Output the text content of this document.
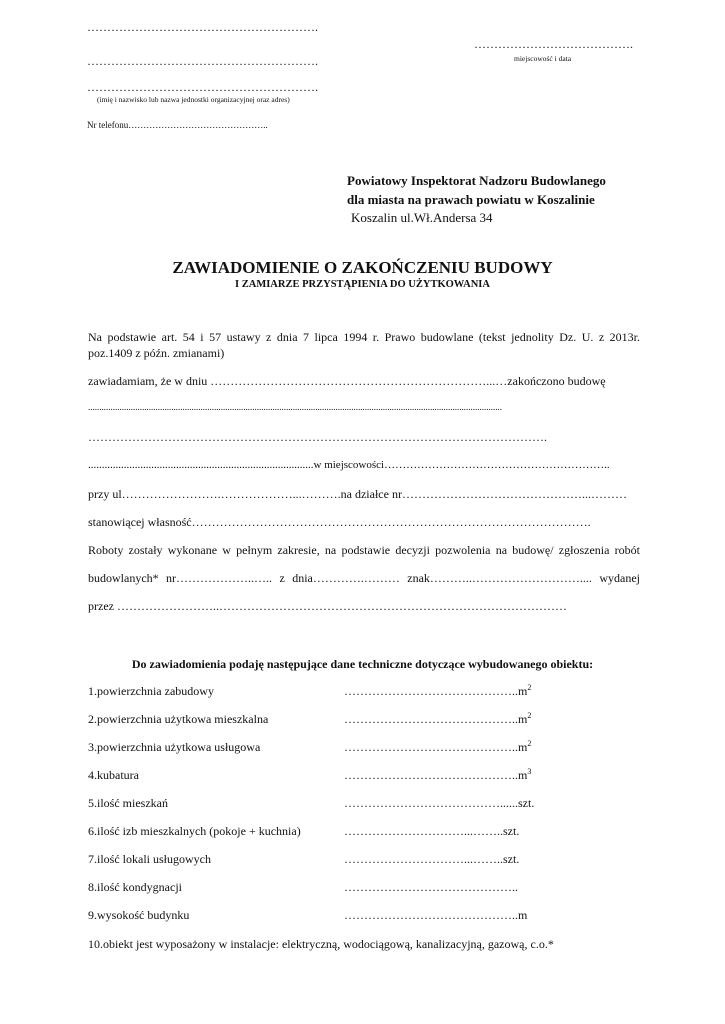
………………………………………………….
………………………………………………….
………………………………………………….
(imię i nazwisko lub nazwa jednostki organizacyjnej oraz adres)
Nr telefonu………………………………………..
………………………………….
miejscowość i data
Powiatowy Inspektorat Nadzoru Budowlanego
dla miasta na prawach powiatu w Koszalinie
Koszalin ul.Wł.Andersa 34
ZAWIADOMIENIE O ZAKOŃCZENIU BUDOWY
I ZAMIARZE PRZYSTĄPIENIA DO UŻYTKOWANIA
Na podstawie art. 54 i 57 ustawy z dnia 7 lipca 1994 r. Prawo budowlane (tekst jednolity Dz. U. z 2013r.
poz.1409 z późn. zmianami)
zawiadamiam, że w dniu ……………………………………………………………...…zakończono budowę
........................................................................................................................................................................................
…………………………………………………………………………………………………….
..................................................................................w miejscowości……………………………………………………..
przy ul…………………….………………...……….na działce nr………………………………………...………
stanowiącej własność……………………………………………………………………………………….
Roboty zostały wykonane w pełnym zakresie, na podstawie decyzji pozwolenia na budowę/ zgłoszenia robót
budowlanych* nr………………..….. z dnia………….……… znak………..……………………….... wydanej
przez ……………………..……………………………………………………………………………
Do zawiadomienia podaję następujące dane techniczne dotyczące wybudowanego obiektu:
1.powierzchnia zabudowy	$\dots\dots\dots\dots\dots\dots\dots\dots\dots\dots\dots\dots\dots\dots..m^2$
2.powierzchnia użytkowa mieszkalna	$\dots\dots\dots\dots\dots\dots\dots\dots\dots\dots\dots\dots\dots\dots..m^2$
3.powierzchnia użytkowa usługowa	$\dots\dots\dots\dots\dots\dots\dots\dots\dots\dots\dots\dots\dots\dots..m^2$
4.kubatura	$\dots\dots\dots\dots\dots\dots\dots\dots\dots\dots\dots\dots\dots\dots..m^3$
5.ilość mieszkań	…………………………………......szt.
6.ilość izb mieszkalnych (pokoje + kuchnia)	…………………………...……..szt.
7.ilość lokali usługowych	…………………………...……..szt.
8.ilość kondygnacji	……………………………………..
9.wysokość budynku	……………………………………..m
10.obiekt jest wyposażony w instalacje: elektryczną, wodociągową, kanalizacyjną, gazową, c.o.*
